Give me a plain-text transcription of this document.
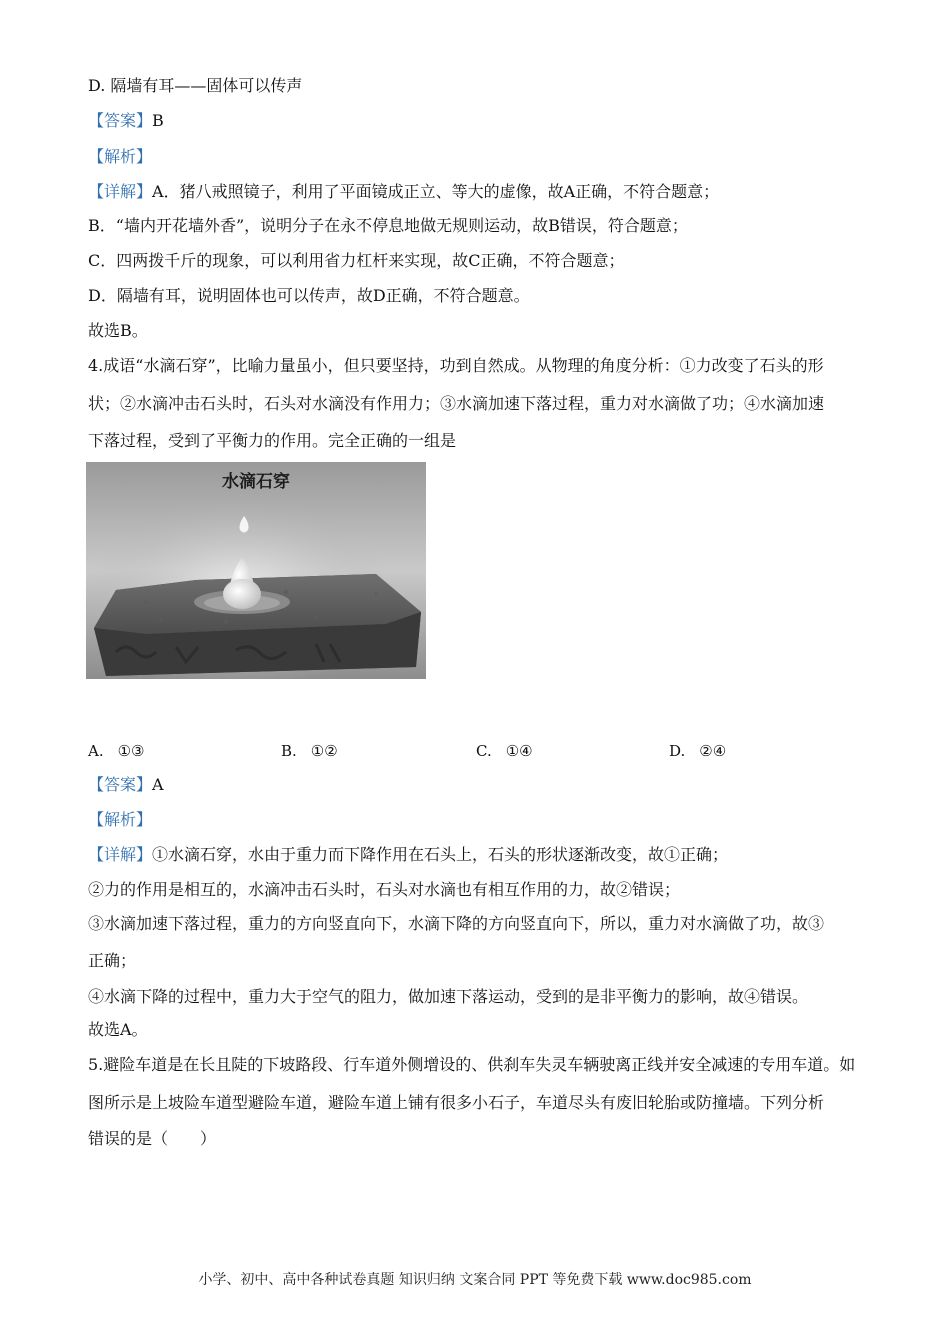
D. 隔墙有耳——固体可以传声
【答案】B
【解析】
【详解】A．猪八戒照镜子，利用了平面镜成正立、等大的虚像，故A正确，不符合题意；
B．“墙内开花墙外香”，说明分子在永不停息地做无规则运动，故B错误，符合题意；
C．四两拨千斤的现象，可以利用省力杠杆来实现，故C正确，不符合题意；
D．隔墙有耳，说明固体也可以传声，故D正确，不符合题意。
故选B。
4.成语“水滴石穿”，比喻力量虽小，但只要坚持，功到自然成。从物理的角度分析：①力改变了石头的形
状；②水滴冲击石头时，石头对水滴没有作用力；③水滴加速下落过程，重力对水滴做了功；④水滴加速
下落过程，受到了平衡力的作用。完全正确的一组是
水滴石穿
A. ①③	B. ①②	C. ①④	D. ②④
【答案】A
【解析】
【详解】①水滴石穿，水由于重力而下降作用在石头上，石头的形状逐渐改变，故①正确；
②力的作用是相互的，水滴冲击石头时，石头对水滴也有相互作用的力，故②错误；
③水滴加速下落过程，重力的方向竖直向下，水滴下降的方向竖直向下，所以，重力对水滴做了功，故③
正确；
④水滴下降的过程中，重力大于空气的阻力，做加速下落运动，受到的是非平衡力的影响，故④错误。
故选A。
5.避险车道是在长且陡的下坡路段、行车道外侧增设的、供刹车失灵车辆驶离正线并安全减速的专用车道。如
图所示是上坡险车道型避险车道，避险车道上铺有很多小石子，车道尽头有废旧轮胎或防撞墙。下列分析
错误的是（　　）
小学、初中、高中各种试卷真题 知识归纳 文案合同 PPT 等免费下载 www.doc985.com
